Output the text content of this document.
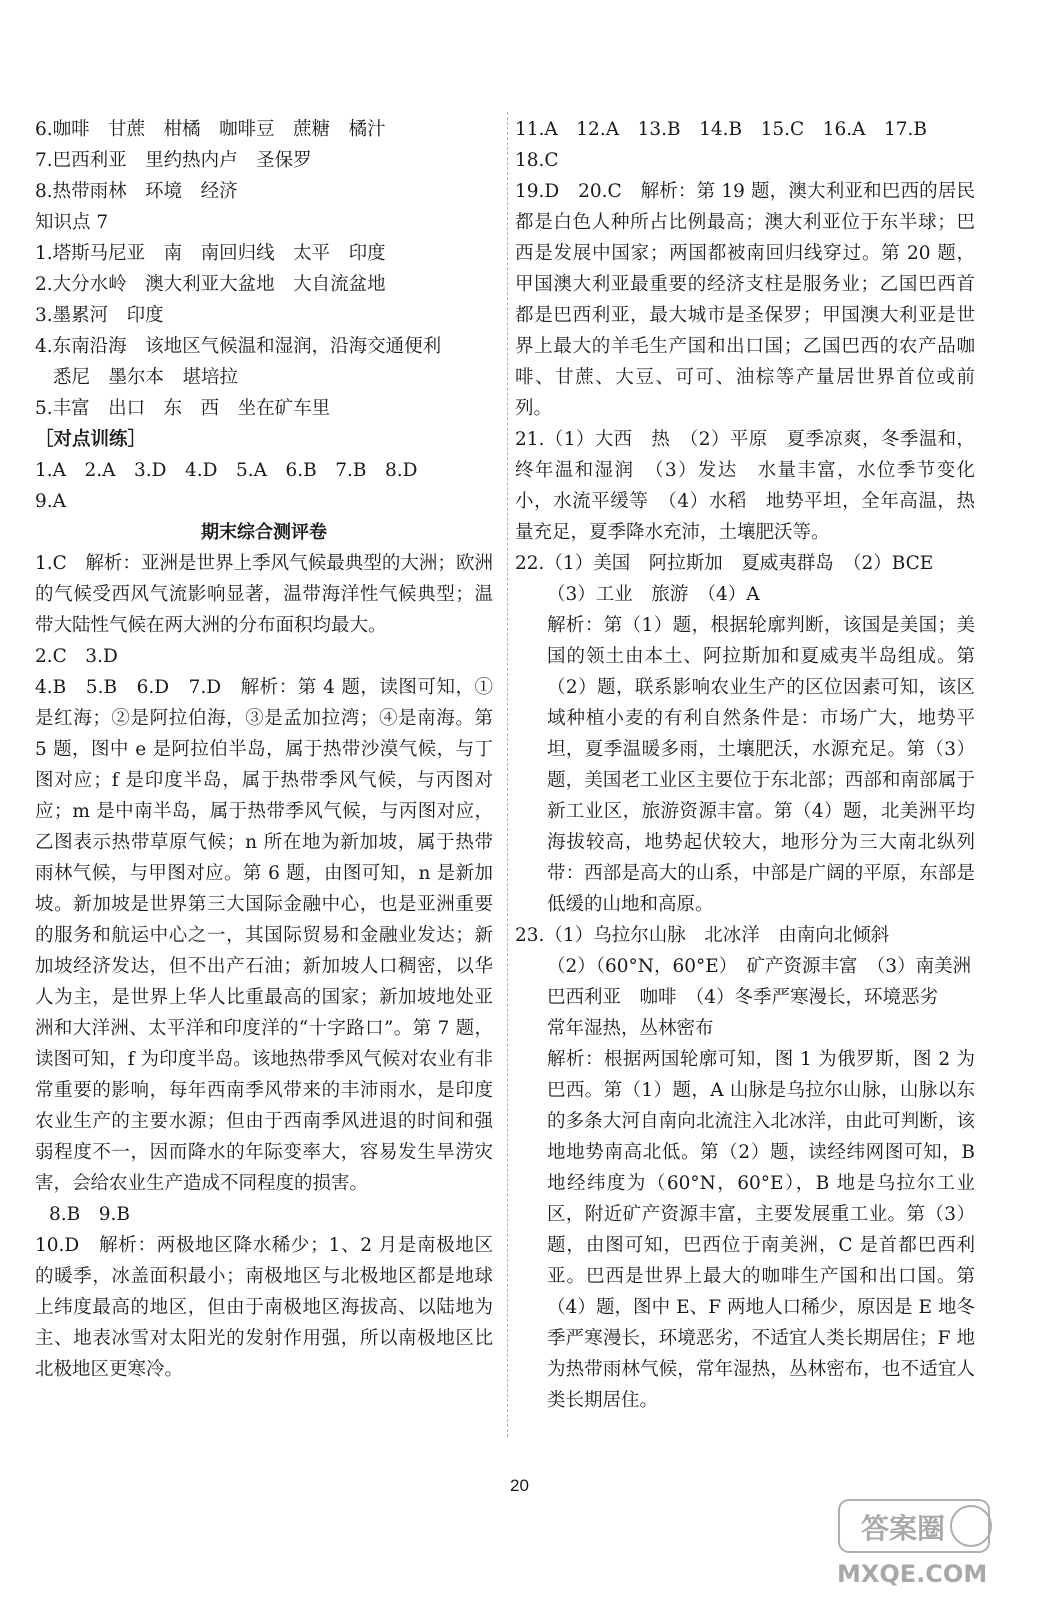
6.咖啡　甘蔗　柑橘　咖啡豆　蔗糖　橘汁
7.巴西利亚　里约热内卢　圣保罗
8.热带雨林　环境　经济
知识点 7
1.塔斯马尼亚　南　南回归线　太平　印度
2.大分水岭　澳大利亚大盆地　大自流盆地
3.墨累河　印度
4.东南沿海　该地区气候温和湿润，沿海交通便利
悉尼　墨尔本　堪培拉
5.丰富　出口　东　西　坐在矿车里
［对点训练］
1.A　2.A　3.D　4.D　5.A　6.B　7.B　8.D
9.A
期末综合测评卷
1.C　解析：亚洲是世界上季风气候最典型的大洲；欧洲的气候受西风气流影响显著，温带海洋性气候典型；温带大陆性气候在两大洲的分布面积均最大。
2.C　3.D
4.B　5.B　6.D　7.D　解析：第 4 题，读图可知，①是红海；②是阿拉伯海，③是孟加拉湾；④是南海。第 5 题，图中 e 是阿拉伯半岛，属于热带沙漠气候，与丁图对应；f 是印度半岛，属于热带季风气候，与丙图对应；m 是中南半岛，属于热带季风气候，与丙图对应，乙图表示热带草原气候；n 所在地为新加坡，属于热带雨林气候，与甲图对应。第 6 题，由图可知，n 是新加坡。新加坡是世界第三大国际金融中心，也是亚洲重要的服务和航运中心之一，其国际贸易和金融业发达；新加坡经济发达，但不出产石油；新加坡人口稠密，以华人为主，是世界上华人比重最高的国家；新加坡地处亚洲和大洋洲、太平洋和印度洋的“十字路口”。第 7 题，读图可知，f 为印度半岛。该地热带季风气候对农业有非常重要的影响，每年西南季风带来的丰沛雨水，是印度农业生产的主要水源；但由于西南季风进退的时间和强弱程度不一，因而降水的年际变率大，容易发生旱涝灾害，会给农业生产造成不同程度的损害。
8.B　9.B
10.D　解析：两极地区降水稀少；1、2 月是南极地区的暖季，冰盖面积最小；南极地区与北极地区都是地球上纬度最高的地区，但由于南极地区海拔高、以陆地为主、地表冰雪对太阳光的发射作用强，所以南极地区比北极地区更寒冷。
11.A　12.A　13.B　14.B　15.C　16.A　17.B
18.C
19.D　20.C　解析：第 19 题，澳大利亚和巴西的居民都是白色人种所占比例最高；澳大利亚位于东半球；巴西是发展中国家；两国都被南回归线穿过。第 20 题，甲国澳大利亚最重要的经济支柱是服务业；乙国巴西首都是巴西利亚，最大城市是圣保罗；甲国澳大利亚是世界上最大的羊毛生产国和出口国；乙国巴西的农产品咖啡、甘蔗、大豆、可可、油棕等产量居世界首位或前列。
21.（1）大西　热　（2）平原　夏季凉爽，冬季温和，终年温和湿润　（3）发达　水量丰富，水位季节变化小，水流平缓等　（4）水稻　地势平坦，全年高温，热量充足，夏季降水充沛，土壤肥沃等。
22.（1）美国　阿拉斯加　夏威夷群岛　（2）BCE
（3）工业　旅游　（4）A
解析：第（1）题，根据轮廓判断，该国是美国；美国的领土由本土、阿拉斯加和夏威夷半岛组成。第（2）题，联系影响农业生产的区位因素可知，该区域种植小麦的有利自然条件是：市场广大，地势平坦，夏季温暖多雨，土壤肥沃，水源充足。第（3）题，美国老工业区主要位于东北部；西部和南部属于新工业区，旅游资源丰富。第（4）题，北美洲平均海拔较高，地势起伏较大，地形分为三大南北纵列带：西部是高大的山系，中部是广阔的平原，东部是低缓的山地和高原。
23.（1）乌拉尔山脉　北冰洋　由南向北倾斜
（2）（60°N，60°E）　矿产资源丰富　（3）南美洲
巴西利亚　咖啡　（4）冬季严寒漫长，环境恶劣
常年湿热，丛林密布
解析：根据两国轮廓可知，图 1 为俄罗斯，图 2 为巴西。第（1）题，A 山脉是乌拉尔山脉，山脉以东的多条大河自南向北流注入北冰洋，由此可判断，该地地势南高北低。第（2）题，读经纬网图可知，B 地经纬度为（60°N，60°E），B 地是乌拉尔工业区，附近矿产资源丰富，主要发展重工业。第（3）题，由图可知，巴西位于南美洲，C 是首都巴西利亚。巴西是世界上最大的咖啡生产国和出口国。第（4）题，图中 E、F 两地人口稀少，原因是 E 地冬季严寒漫长，环境恶劣，不适宜人类长期居住；F 地为热带雨林气候，常年湿热，丛林密布，也不适宜人类长期居住。
20
答案圈
MXQE.COM
